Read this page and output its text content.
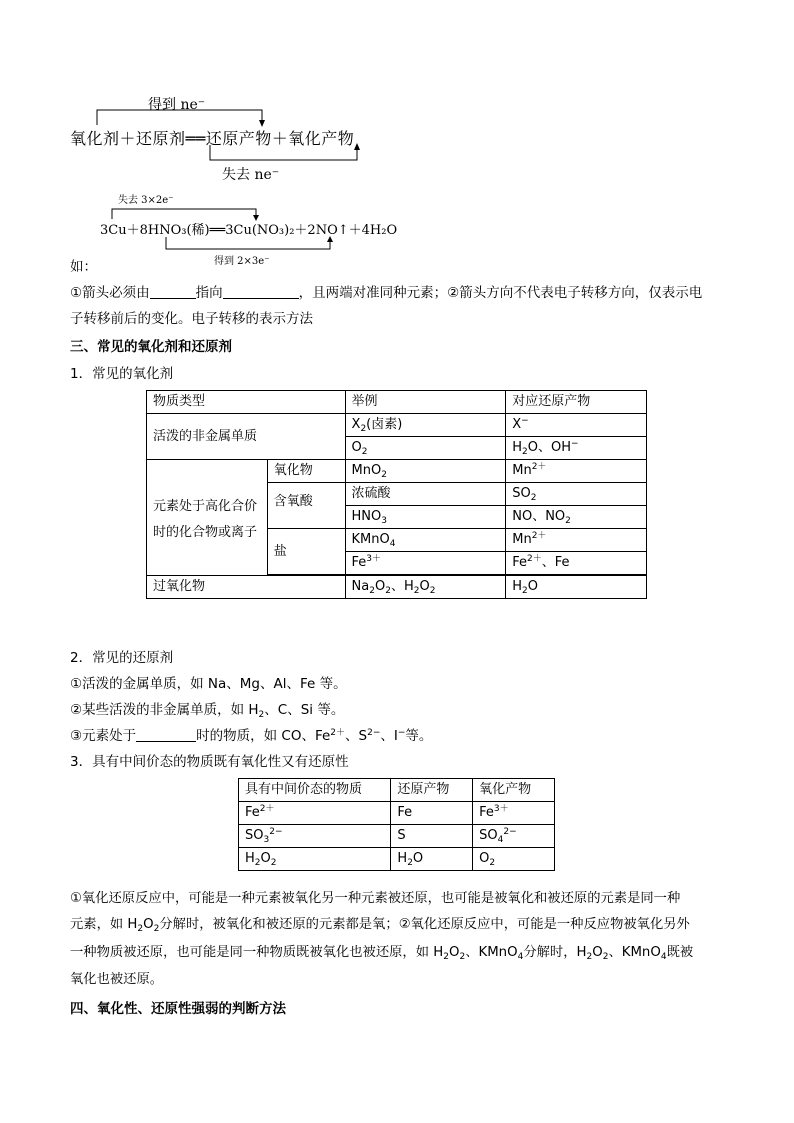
得到 ne⁻
氧化剂＋还原剂══还原产物＋氧化产物
失去 ne⁻
失去 3×2e⁻
3Cu＋8HNO₃(稀)══3Cu(NO₃)₂＋2NO↑＋4H₂O
得到 2×3e⁻
如：
①箭头必须由	指向	，且两端对准同种元素；②箭头方向不代表电子转移方向，仅表示电
子转移前后的变化。电子转移的表示方法
三、常见的氧化剂和还原剂
1．常见的氧化剂
物质类型		举例	对应还原产物
活泼的非金属单质		$X_2$(卤素)	X−
		$O_2$	$H_2O$、OH−
元素处于高化合价时的化合物或离子	氧化物	MnO$_2$	$Mn^{2+}$
	含氧酸	浓硫酸	$SO_2$
		$HNO_3$	NO、$NO_2$
	盐	KMnO$_4$	$Mn^{2+}$
		$Fe^{3+}$	$Fe^{2+}$、Fe

过氧化物		$Na_2O_2$、$H_2O_2$	$H_2O$
2．常见的还原剂
①活泼的金属单质，如 Na、Mg、Al、Fe 等。
②某些活泼的非金属单质，如 $H_2$、C、Si 等。
③元素处于	时的物质，如 CO、$Fe^{2+}$、$S^{2-}$、I−等。
3．具有中间价态的物质既有氧化性又有还原性
具有中间价态的物质	还原产物	氧化产物
$Fe^{2+}$	Fe	$Fe^{3+}$
$SO_3^{2-}$	S	$SO_4^{2-}$
$H_2O_2$	$H_2O$	$O_2$
①氧化还原反应中，可能是一种元素被氧化另一种元素被还原，也可能是被氧化和被还原的元素是同一种
元素，如 $H_2O_2$分解时，被氧化和被还原的元素都是氧；②氧化还原反应中，可能是一种反应物被氧化另外
一种物质被还原，也可能是同一种物质既被氧化也被还原，如 $H_2O_2$、KMnO$_4$分解时，$H_2O_2$、KMnO$_4$既被
氧化也被还原。
四、氧化性、还原性强弱的判断方法
